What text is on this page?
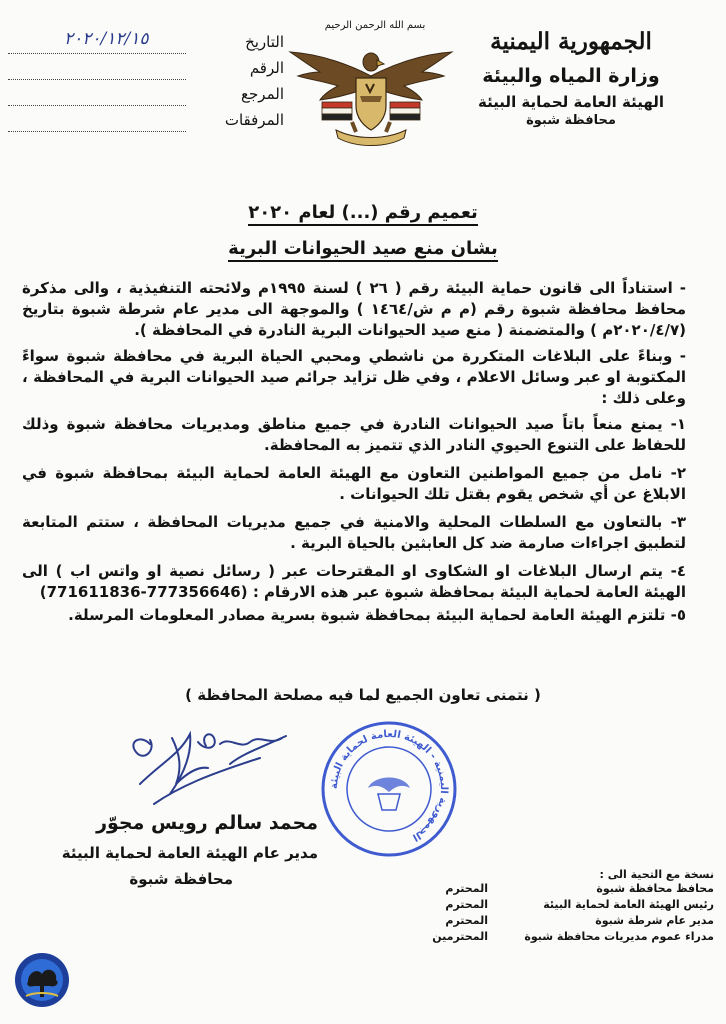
الجمهورية اليمنية
وزارة المياه والبيئة
الهيئة العامة لحماية البيئة
محافظة شبوة
بسم الله الرحمن الرحيم
التاريخ
٢٠٢٠/١٢/١٥
الرقم
المرجع
المرفقات
تعميم رقم (...) لعام ٢٠٢٠
بشان منع صيد الحيوانات البرية

- استناداً الى قانون حماية البيئة رقم ( ٢٦ ) لسنة ١٩٩٥م ولائحته التنفيذية ، والى مذكرة محافظ محافظة شبوة رقم (م م ش/١٤٦٤ ) والموجهة الى مدير عام شرطة شبوة بتاريخ (٢٠٢٠/٤/٧م ) والمتضمنة ( منع صيد الحيوانات البرية النادرة في المحافظة ).

- وبناءً على البلاغات المتكررة من ناشطي ومحبي الحياة البرية في محافظة شبوة سواءً المكتوبة او عبر وسائل الاعلام ، وفي ظل تزايد جرائم صيد الحيوانات البرية في المحافظة ، وعلى ذلك :

١- يمنع منعاً باتاً صيد الحيوانات النادرة في جميع مناطق ومديريات محافظة شبوة وذلك للحفاظ على التنوع الحيوي النادر الذي تتميز به المحافظة.

٢- نامل من جميع المواطنين التعاون مع الهيئة العامة لحماية البيئة بمحافظة شبوة في الابلاغ عن أي شخص يقوم بقتل تلك الحيوانات .

٣- بالتعاون مع السلطات المحلية والامنية في جميع مديريات المحافظة ، ستتم المتابعة لتطبيق اجراءات صارمة ضد كل العابثين بالحياة البرية .

٤- يتم ارسال البلاغات او الشكاوى او المقترحات عبر ( رسائل نصية او واتس اب ) الى الهيئة العامة لحماية البيئة بمحافظة شبوة عبر هذه الارقام : (771611836-777356646)

٥- تلتزم الهيئة العامة لحماية البيئة بمحافظة شبوة بسرية مصادر المعلومات المرسلة.

( نتمنى تعاون الجميع لما فيه مصلحة المحافظة )
محمد سالم رويس مجوّر
مدير عام الهيئة العامة لحماية البيئة
محافظة شبوة
الجمهورية اليمنية - الهيئة العامة لحماية البيئة
نسخة مع التحية الى :
محافظ محافظة شبوة
المحترم
رئيس الهيئة العامة لحماية البيئة
المحترم
مدير عام شرطة شبوة
المحترم
مدراء عموم مديريات محافظة شبوة
المحترمين
